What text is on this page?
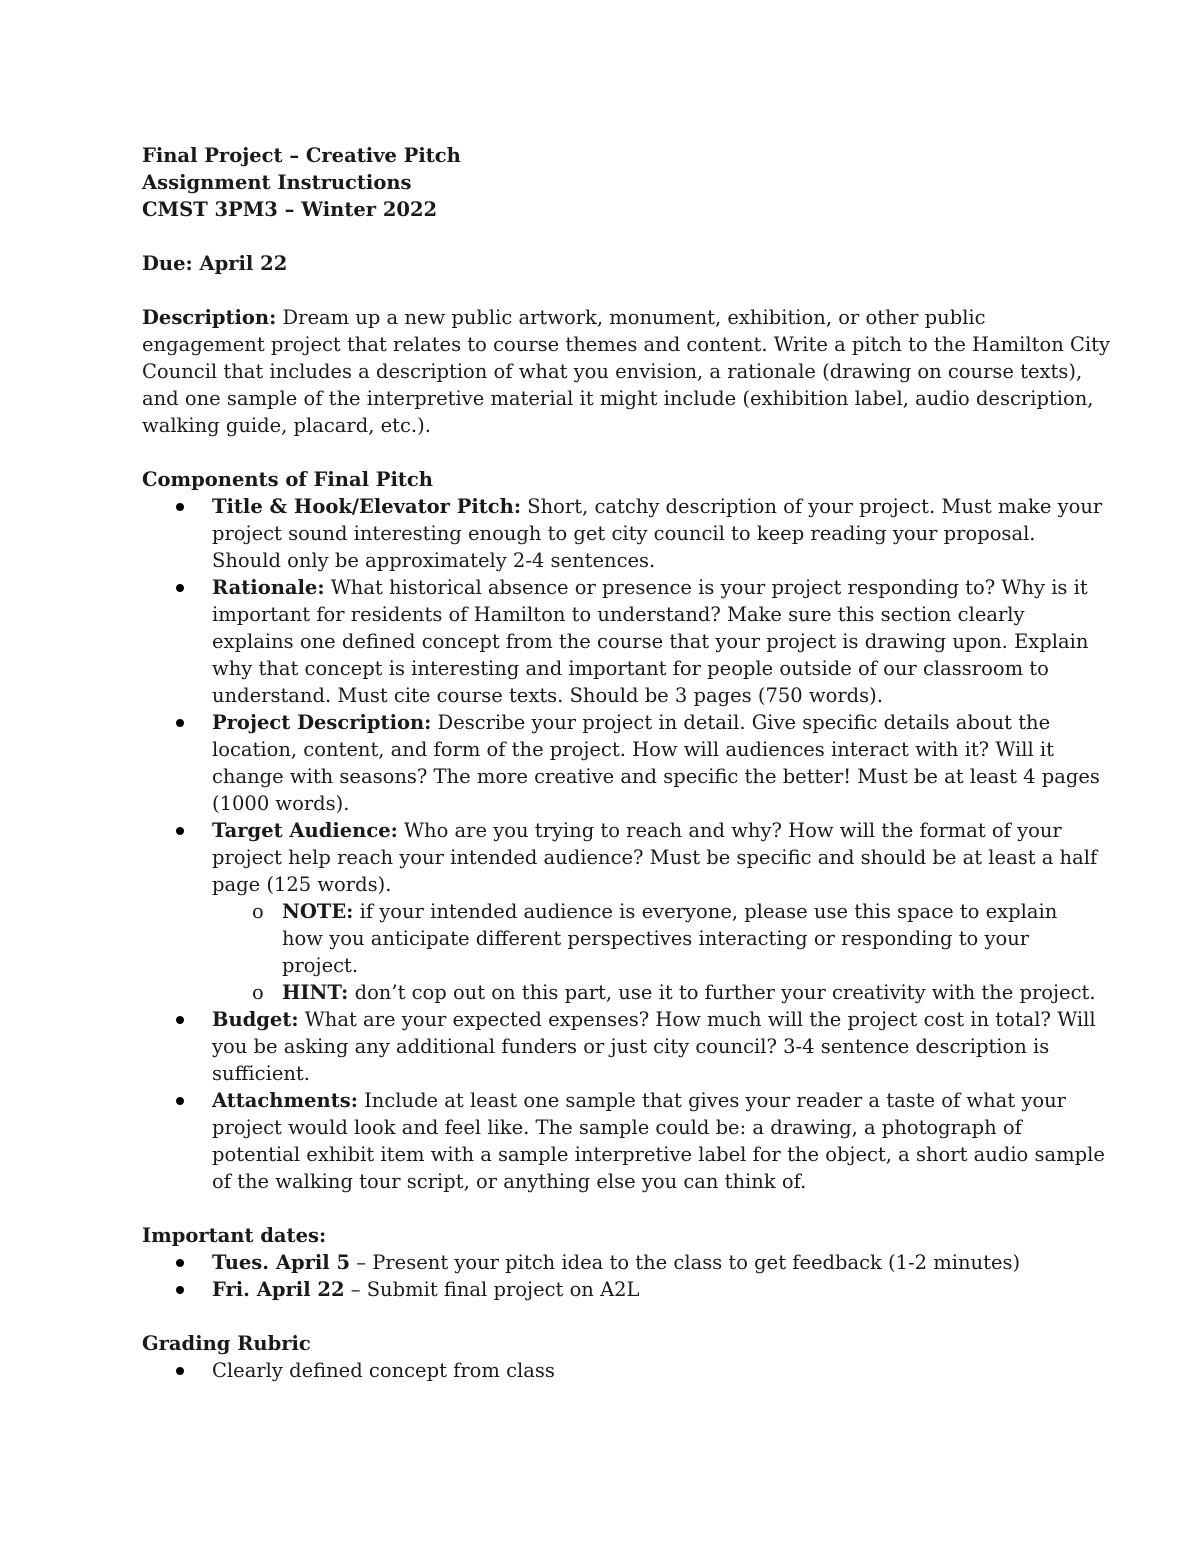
Final Project – Creative Pitch
Assignment Instructions
CMST 3PM3 – Winter 2022
Due: April 22
Description: Dream up a new public artwork, monument, exhibition, or other public
engagement project that relates to course themes and content. Write a pitch to the Hamilton City
Council that includes a description of what you envision, a rationale (drawing on course texts),
and one sample of the interpretive material it might include (exhibition label, audio description,
walking guide, placard, etc.).
Components of Final Pitch
Title & Hook/Elevator Pitch: Short, catchy description of your project. Must make your
project sound interesting enough to get city council to keep reading your proposal.
Should only be approximately 2-4 sentences.
Rationale: What historical absence or presence is your project responding to? Why is it
important for residents of Hamilton to understand? Make sure this section clearly
explains one defined concept from the course that your project is drawing upon. Explain
why that concept is interesting and important for people outside of our classroom to
understand. Must cite course texts. Should be 3 pages (750 words).
Project Description: Describe your project in detail. Give specific details about the
location, content, and form of the project. How will audiences interact with it? Will it
change with seasons? The more creative and specific the better! Must be at least 4 pages
(1000 words).
Target Audience: Who are you trying to reach and why? How will the format of your
project help reach your intended audience? Must be specific and should be at least a half
page (125 words).
o NOTE: if your intended audience is everyone, please use this space to explain
how you anticipate different perspectives interacting or responding to your
project.
o HINT: don’t cop out on this part, use it to further your creativity with the project.
Budget: What are your expected expenses? How much will the project cost in total? Will
you be asking any additional funders or just city council? 3-4 sentence description is
sufficient.
Attachments: Include at least one sample that gives your reader a taste of what your
project would look and feel like. The sample could be: a drawing, a photograph of
potential exhibit item with a sample interpretive label for the object, a short audio sample
of the walking tour script, or anything else you can think of.
Important dates:
Tues. April 5 – Present your pitch idea to the class to get feedback (1-2 minutes)
Fri. April 22 – Submit final project on A2L
Grading Rubric
Clearly defined concept from class
